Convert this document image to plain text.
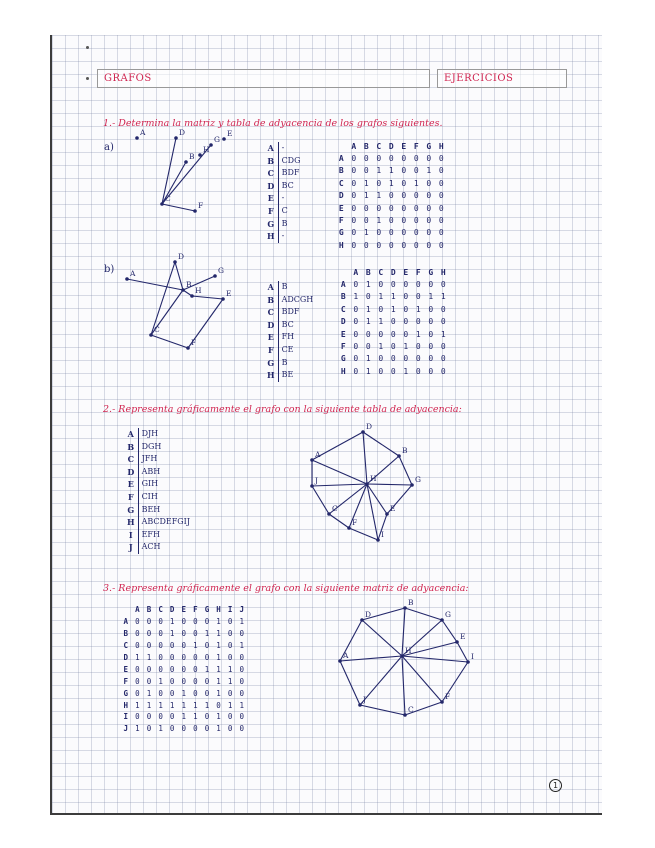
GRAFOS	EJERCICIOS
1.- Determina la matriz y tabla de adyacencia de los grafos siguientes.
a)
A
B
C
D	E
F
G
H	A	-
B	CDG
C	BDF
D	BC
E	-
F	C
G	B
H	-
	A	B	C	D	E	F	G	H
A	0	0	0	0	0	0	0	0
B	0	0	1	1	0	0	1	0
C	0	1	0	1	0	1	0	0
D	0	1	1	0	0	0	0	0
E	0	0	0	0	0	0	0	0
F	0	0	1	0	0	0	0	0
G	0	1	0	0	0	0	0	0
H	0	0	0	0	0	0	0	0
b) A
B
C
D
E
F
G
H	A	B
B	ADCGH
C	BDF
D	BC
E	FH
F	CE
G	B
H	BE
	A	B	C	D	E	F	G	H
A	0	1	0	0	0	0	0	0
B	1	0	1	1	0	0	1	1
C	0	1	0	1	0	1	0	0
D	0	1	1	0	0	0	0	0
E	0	0	0	0	0	1	0	1
F	0	0	1	0	1	0	0	0
G	0	1	0	0	0	0	0	0
H	0	1	0	0	1	0	0	0
2.- Representa gráficamente el grafo con la siguiente tabla de adyacencia:
A	DJH
B	DGH
C	JFH
D	ABH
E	GIH
F	CIH
G	BEH
H	ABCDEFGIJ
I	EFH
J	ACH
D
B
A
H	G
J
C	E
F
I
3.- Representa gráficamente el grafo con la siguiente matriz de adyacencia:
	A	B	C	D	E	F	G	H	I	J
A	0	0	0	1	0	0	0	1	0	1
B	0	0	0	1	0	0	1	1	0	0
C	0	0	0	0	0	1	0	1	0	1
D	1	1	0	0	0	0	0	1	0	0
E	0	0	0	0	0	0	1	1	1	0
F	0	0	1	0	0	0	0	1	1	0
G	0	1	0	0	1	0	0	1	0	0
H	1	1	1	1	1	1	1	0	1	1
I	0	0	0	0	1	1	0	1	0	0
J	1	0	1	0	0	0	0	1	0	0
B
D	G
E
A
H
I
J	F
C
1
